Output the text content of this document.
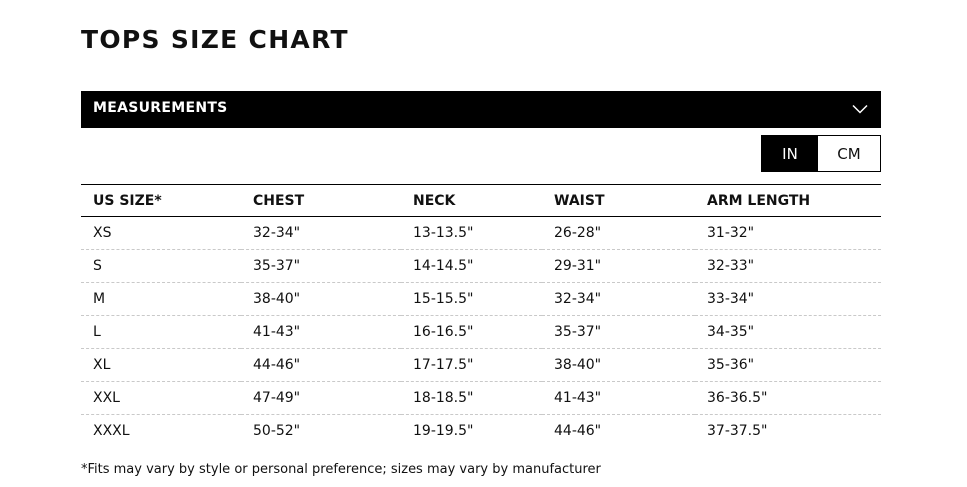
TOPS SIZE CHART
MEASUREMENTS
IN	CM
US SIZE*	CHEST	NECK	WAIST	ARM LENGTH
XS	32-34"	13-13.5"	26-28"	31-32"
S	35-37"	14-14.5"	29-31"	32-33"
M	38-40"	15-15.5"	32-34"	33-34"
L	41-43"	16-16.5"	35-37"	34-35"
XL	44-46"	17-17.5"	38-40"	35-36"
XXL	47-49"	18-18.5"	41-43"	36-36.5"
XXXL	50-52"	19-19.5"	44-46"	37-37.5"

*Fits may vary by style or personal preference; sizes may vary by manufacturer
